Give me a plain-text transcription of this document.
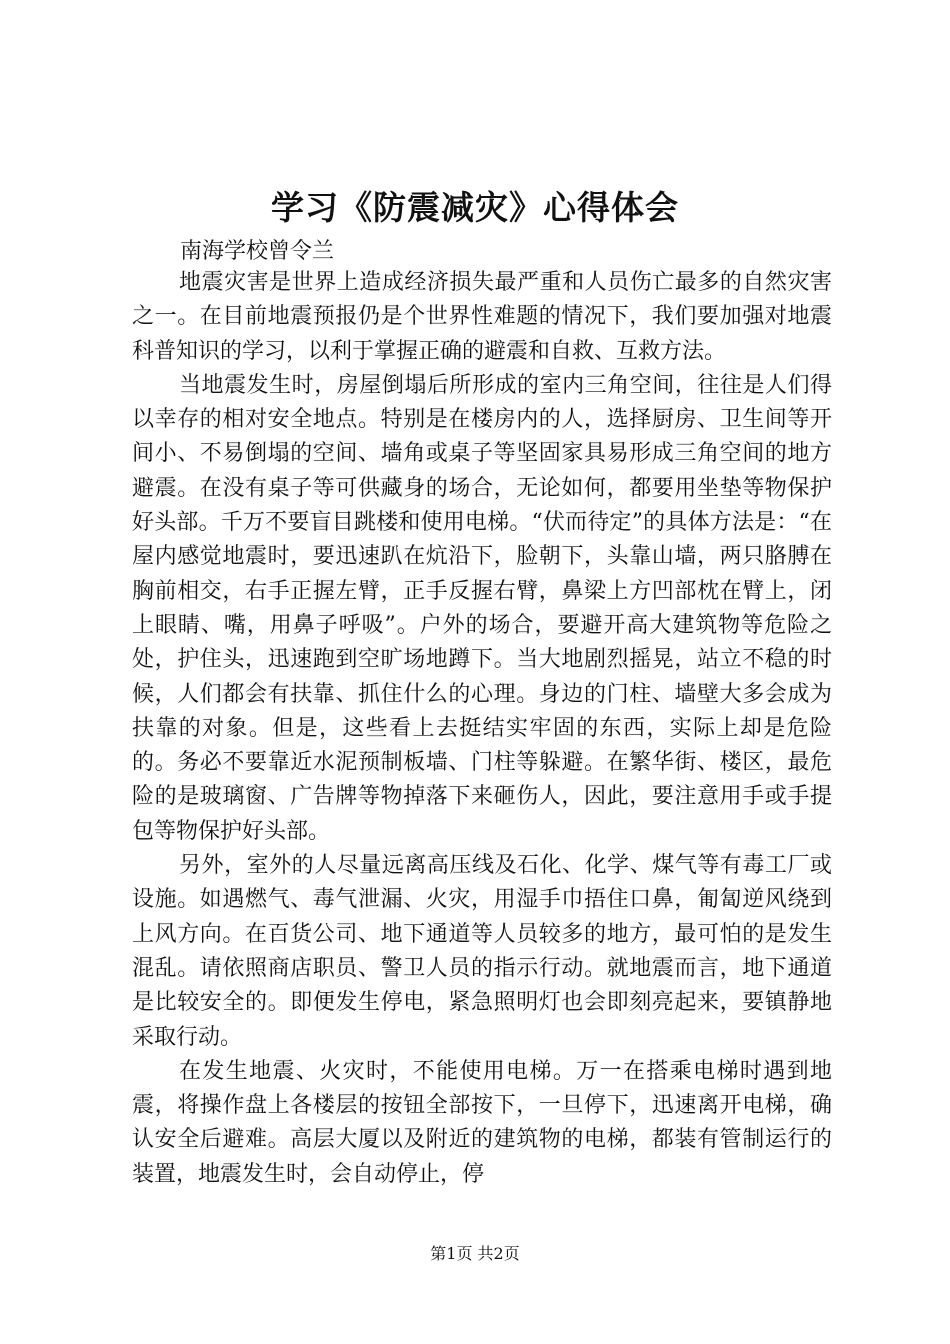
学习《防震减灾》心得体会
南海学校曾令兰

地震灾害是世界上造成经济损失最严重和人员伤亡最多的自然灾害之一。在目前地震预报仍是个世界性难题的情况下，我们要加强对地震科普知识的学习，以利于掌握正确的避震和自救、互救方法。

当地震发生时，房屋倒塌后所形成的室内三角空间，往往是人们得以幸存的相对安全地点。特别是在楼房内的人，选择厨房、卫生间等开间小、不易倒塌的空间、墙角或桌子等坚固家具易形成三角空间的地方避震。在没有桌子等可供藏身的场合，无论如何，都要用坐垫等物保护好头部。千万不要盲目跳楼和使用电梯。“伏而待定”的具体方法是：“在屋内感觉地震时，要迅速趴在炕沿下，脸朝下，头靠山墙，两只胳膊在胸前相交，右手正握左臂，正手反握右臂，鼻梁上方凹部枕在臂上，闭上眼睛、嘴，用鼻子呼吸”。户外的场合，要避开高大建筑物等危险之处，护住头，迅速跑到空旷场地蹲下。当大地剧烈摇晃，站立不稳的时候，人们都会有扶靠、抓住什么的心理。身边的门柱、墙壁大多会成为扶靠的对象。但是，这些看上去挺结实牢固的东西，实际上却是危险的。务必不要靠近水泥预制板墙、门柱等躲避。在繁华街、楼区，最危险的是玻璃窗、广告牌等物掉落下来砸伤人，因此，要注意用手或手提包等物保护好头部。

另外，室外的人尽量远离高压线及石化、化学、煤气等有毒工厂或设施。如遇燃气、毒气泄漏、火灾，用湿手巾捂住口鼻，匍匐逆风绕到上风方向。在百货公司、地下通道等人员较多的地方，最可怕的是发生混乱。请依照商店职员、警卫人员的指示行动。就地震而言，地下通道是比较安全的。即便发生停电，紧急照明灯也会即刻亮起来，要镇静地采取行动。

在发生地震、火灾时，不能使用电梯。万一在搭乘电梯时遇到地震，将操作盘上各楼层的按钮全部按下，一旦停下，迅速离开电梯，确认安全后避难。高层大厦以及附近的建筑物的电梯，都装有管制运行的装置，地震发生时，会自动停止，停

第1页 共2页
